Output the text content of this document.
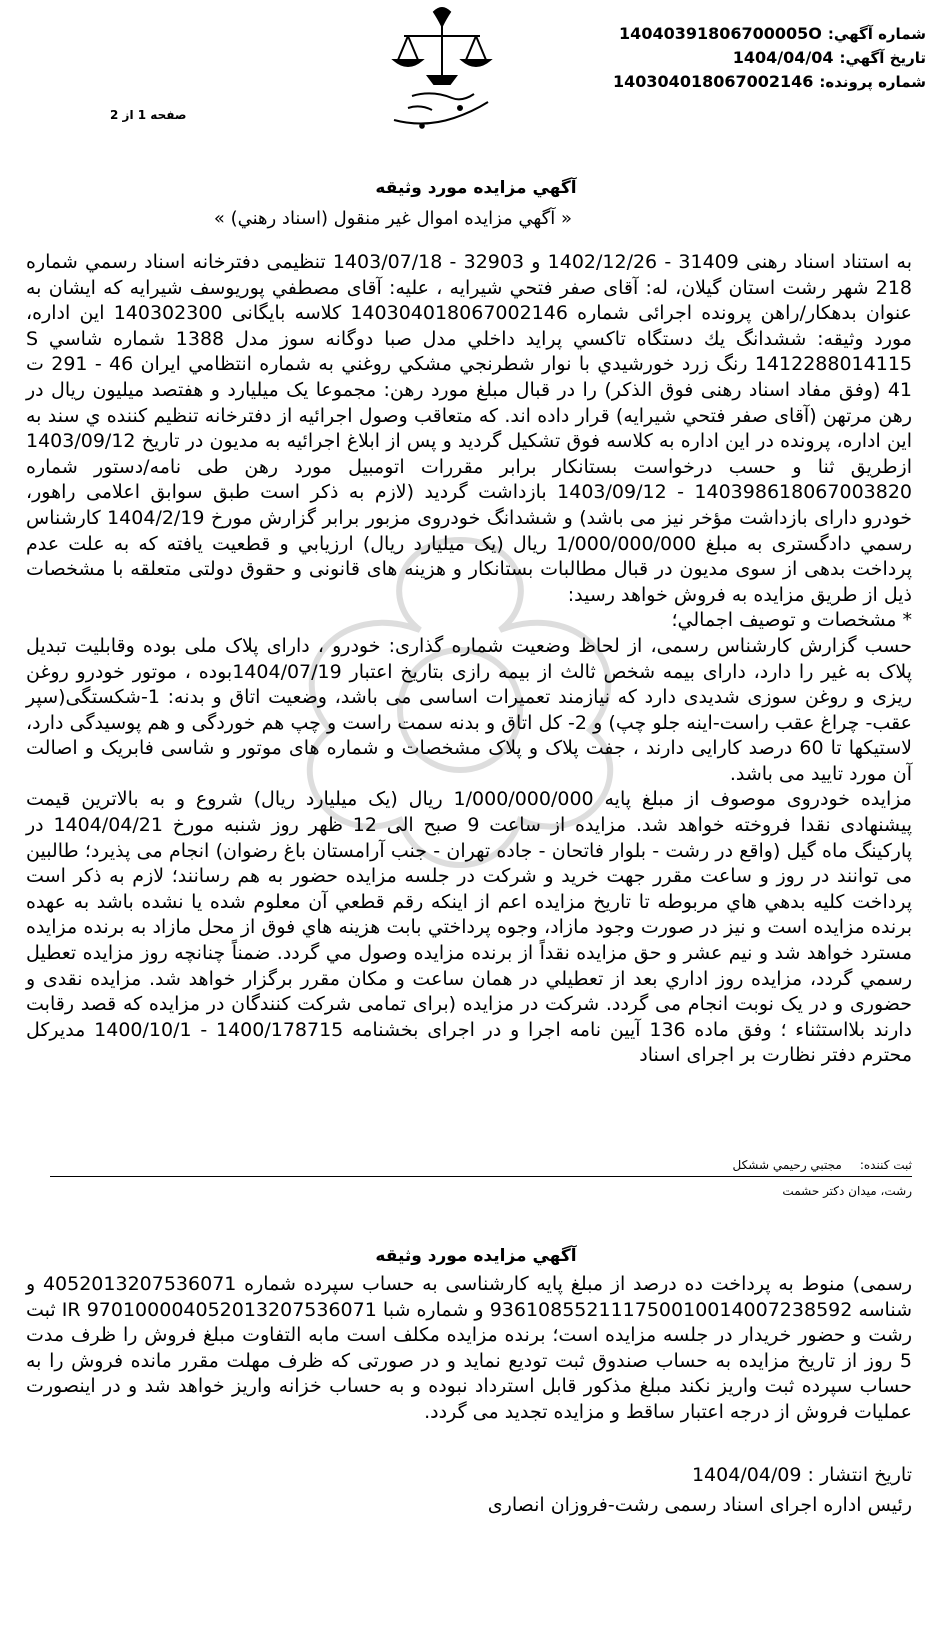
شماره آگهي:
14040391806700005O
تاريخ آگهي:
1404/04/04
شماره پرونده:
140304018067002146
صفحه 1 از 2
آگهي مزايده مورد وثيقه
« آگهي مزايده اموال غير منقول (اسناد رهني) »

به استناد اسناد رهنی 31409 - 1402/12/26 و 32903 - 1403/07/18 تنظيمی دفترخانه اسناد رسمي شماره 218 شهر رشت استان گيلان، له: آقای صفر فتحي شيرايه ، عليه: آقای مصطفي پوريوسف شيرايه که ايشان به عنوان بدهکار/راهن پرونده اجرائی شماره 140304018067002146 کلاسه بايگانی 140302300 اين اداره، مورد وثيقه: ششدانگ يك دستگاه تاکسي پرايد داخلي مدل صبا دوگانه سوز مدل 1388 شماره شاسي S 1412288014115 رنگ زرد خورشيدي با نوار شطرنجي مشكي روغني به شماره انتظامي ايران 46 - 291 ت 41 (وفق مفاد اسناد رهنی فوق الذكر) را در قبال مبلغ مورد رهن: مجموعا يک ميليارد و هفتصد ميليون ريال در رهن مرتهن (آقای صفر فتحي شيرايه) قرار داده اند. که متعاقب وصول اجرائيه از دفترخانه تنظيم كننده ي سند به اين اداره، پرونده در اين اداره به کلاسه فوق تشکيل گرديد و پس از ابلاغ اجرائيه به مديون در تاريخ 1403/09/12 ازطريق ثنا و حسب درخواست بستانكار برابر مقررات اتومبيل مورد رهن طی نامه/دستور شماره 140398618067003820 - 1403/09/12 بازداشت گرديد (لازم به ذکر است طبق سوابق اعلامی راهور، خودرو دارای بازداشت مؤخر نيز می باشد) و ششدانگ خودروی مزبور برابر گزارش مورخ 1404/2/19 کارشناس رسمي دادگستری به مبلغ 1/000/000/000 ريال (يک ميليارد ريال) ارزيابي و قطعيت يافته که به علت عدم پرداخت بدهی از سوی مديون در قبال مطالبات بستانکار و هزينه های قانونی و حقوق دولتی متعلقه با مشخصات ذيل از طريق مزايده به فروش خواهد رسيد:

* مشخصات و توصيف اجمالي؛

حسب گزارش کارشناس رسمی، از لحاظ وضعيت شماره گذاری: خودرو ، دارای پلاک ملی بوده وقابليت تبديل پلاک به غير را دارد، دارای بيمه شخص ثالث از بيمه رازی بتاريخ اعتبار 1404/07/19بوده ، موتور خودرو روغن ريزی و روغن سوزی شديدی دارد که نيازمند تعميرات اساسی می باشد، وضعيت اتاق و بدنه: 1-شکستگی(سپر عقب- چراغ عقب راست-اينه جلو چپ) و 2- کل اتاق و بدنه سمت راست و چپ هم خوردگی و هم پوسيدگی دارد، لاستيکها تا 60 درصد کارايی دارند ، جفت پلاک و پلاک مشخصات و شماره های موتور و شاسی فابريک و اصالت آن مورد تاييد می باشد.

مزايده خودروی موصوف از مبلغ پايه 1/000/000/000 ريال (يک ميليارد ريال) شروع و به بالاترين قيمت پيشنهادی نقدا فروخته خواهد شد. مزايده از ساعت 9 صبح الی 12 ظهر روز شنبه مورخ 1404/04/21 در پارکينگ ماه گيل (واقع در رشت - بلوار فاتحان - جاده تهران - جنب آرامستان باغ رضوان) انجام می پذيرد؛ طالبين می توانند در روز و ساعت مقرر جهت خريد و شرکت در جلسه مزايده حضور به هم رسانند؛ لازم به ذكر است پرداخت كليه بدهي هاي مربوطه تا تاريخ مزايده اعم از اينكه رقم قطعي آن معلوم شده يا نشده باشد به عهده برنده مزايده است و نيز در صورت وجود مازاد، وجوه پرداختي بابت هزينه هاي فوق از محل مازاد به برنده مزايده مسترد خواهد شد و نيم عشر و حق مزايده نقداً از برنده مزايده وصول مي گردد. ضمناً چنانچه روز مزايده تعطيل رسمي گردد، مزايده روز اداري بعد از تعطيلي در همان ساعت و مكان مقرر برگزار خواهد شد. مزايده نقدی و حضوری و در يک نوبت انجام می گردد. شرکت در مزايده (برای تمامی شرکت کنندگان در مزايده که قصد رقابت دارند بلااستثناء ؛ وفق ماده 136 آيين نامه اجرا و در اجرای بخشنامه 1400/178715 - 1400/10/1 مديركل محترم دفتر نظارت بر اجرای اسناد

ثبت كننده:
مجتبي رحيمي ششکل
رشت، ميدان دكتر حشمت
آگهي مزايده مورد وثيقه
رسمی) منوط به پرداخت ده درصد از مبلغ پايه کارشناسی به حساب سپرده شماره 4052013207536071 و شناسه 936108552111750010014007238592 و شماره شبا IR 970100004052013207536071 ثبت رشت و حضور خريدار در جلسه مزايده است؛ برنده مزايده مکلف است مابه التفاوت مبلغ فروش را ظرف مدت 5 روز از تاريخ مزايده به حساب صندوق ثبت توديع نمايد و در صورتی که ظرف مهلت مقرر مانده فروش را به حساب سپرده ثبت واريز نکند مبلغ مذکور قابل استرداد نبوده و به حساب خزانه واريز خواهد شد و در اينصورت عمليات فروش از درجه اعتبار ساقط و مزايده تجديد می گردد.
تاريخ انتشار : 1404/04/09
رئيس اداره اجرای اسناد رسمی رشت-فروزان انصاری
